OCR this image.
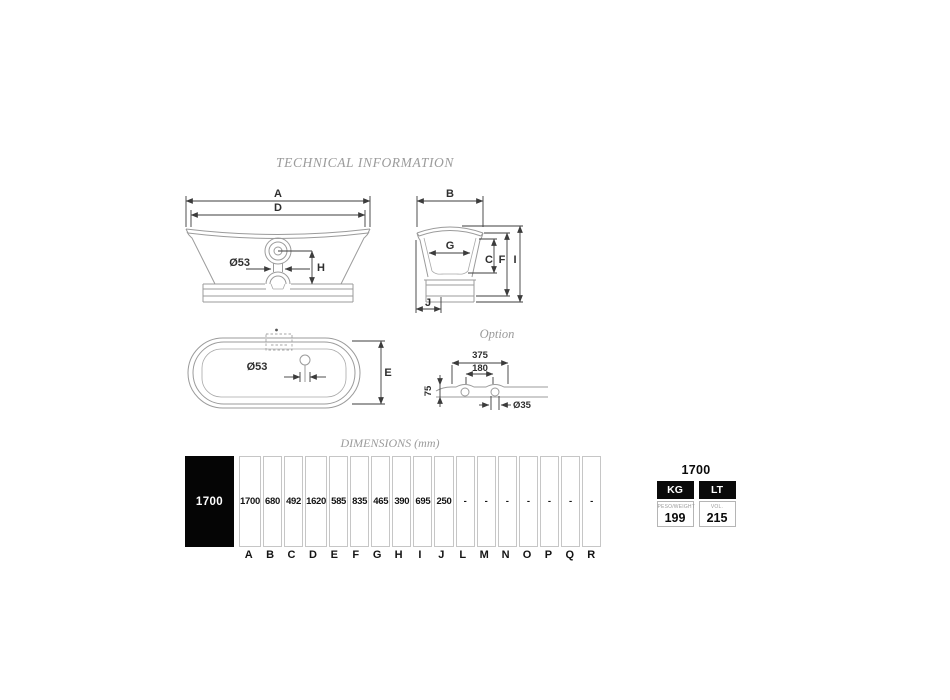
TECHNICAL INFORMATION
A
D
Ø53	H
B
G
C F I
J
Ø53	E
Option
375
180
75
Ø35
DIMENSIONS (mm)
1700 1700 680 492 1620 585 835 465 390 695 250	-	-	-	-	-	-	-
A	B	C	D	E	F	G	H	I	J	L	M	N	O	P	Q	R
1700
KG
PESO/WEIGHT
199
LT
VOL.
215
